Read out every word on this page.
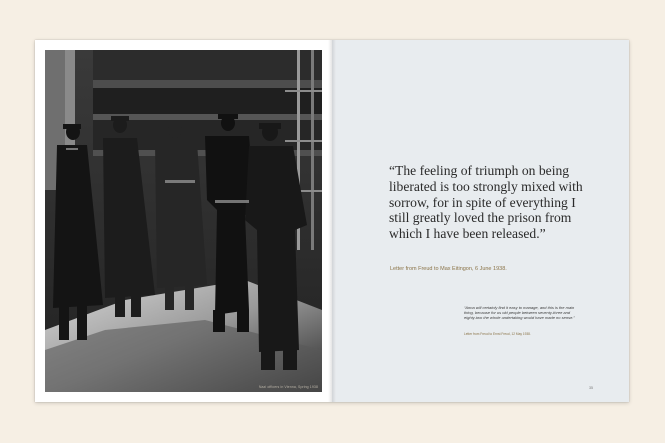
Nazi officers in Vienna, Spring 1938
“The feeling of triumph on being liberated is too strongly mixed with sorrow, for in spite of everything I still greatly loved the prison from which I have been released.”
Letter from Freud to Max Eitingon, 6 June 1938.
“Anna will certainly find it easy to manage, and this is the main thing, because for us old people between seventy-three and eighty-two the whole undertaking would have made no sense.”
Letter from Freud to Ernst Freud, 12 May 1938.
35
